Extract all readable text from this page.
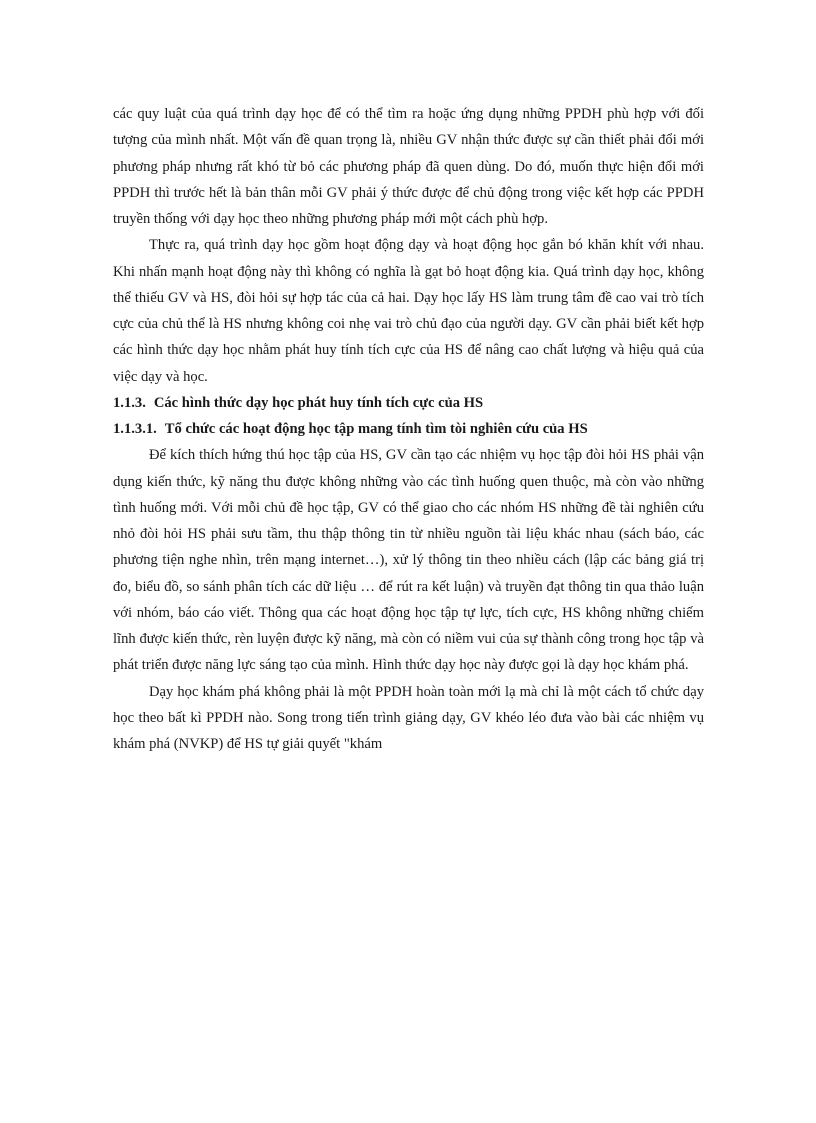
các quy luật của quá trình dạy học để có thể tìm ra hoặc ứng dụng những PPDH phù hợp với đối tượng của mình nhất. Một vấn đề quan trọng là, nhiều GV nhận thức được sự cần thiết phải đổi mới phương pháp nhưng rất khó từ bỏ các phương pháp đã quen dùng. Do đó, muốn thực hiện đổi mới PPDH thì trước hết là bản thân mỗi GV phải ý thức được để chủ động trong việc kết hợp các PPDH truyền thống với dạy học theo những phương pháp mới một cách phù hợp.

Thực ra, quá trình dạy học gồm hoạt động dạy và hoạt động học gắn bó khăn khít với nhau. Khi nhấn mạnh hoạt động này thì không có nghĩa là gạt bỏ hoạt động kia. Quá trình dạy học, không thể thiếu GV và HS, đòi hỏi sự hợp tác của cả hai. Dạy học lấy HS làm trung tâm đề cao vai trò tích cực của chủ thể là HS nhưng không coi nhẹ vai trò chủ đạo của người dạy. GV cần phải biết kết hợp các hình thức dạy học nhằm phát huy tính tích cực của HS để nâng cao chất lượng và hiệu quả của việc dạy và học.

1.1.3. Các hình thức dạy học phát huy tính tích cực của HS
1.1.3.1. Tổ chức các hoạt động học tập mang tính tìm tòi nghiên cứu của HS

Để kích thích hứng thú học tập của HS, GV cần tạo các nhiệm vụ học tập đòi hỏi HS phải vận dụng kiến thức, kỹ năng thu được không những vào các tình huống quen thuộc, mà còn vào những tình huống mới. Với mỗi chủ đề học tập, GV có thể giao cho các nhóm HS những đề tài nghiên cứu nhỏ đòi hỏi HS phải sưu tầm, thu thập thông tin từ nhiều nguồn tài liệu khác nhau (sách báo, các phương tiện nghe nhìn, trên mạng internet…), xử lý thông tin theo nhiều cách (lập các bảng giá trị đo, biểu đồ, so sánh phân tích các dữ liệu … để rút ra kết luận) và truyền đạt thông tin qua thảo luận với nhóm, báo cáo viết. Thông qua các hoạt động học tập tự lực, tích cực, HS không những chiếm lĩnh được kiến thức, rèn luyện được kỹ năng, mà còn có niềm vui của sự thành công trong học tập và phát triển được năng lực sáng tạo của mình. Hình thức dạy học này được gọi là dạy học khám phá.

Dạy học khám phá không phải là một PPDH hoàn toàn mới lạ mà chỉ là một cách tổ chức dạy học theo bất kì PPDH nào. Song trong tiến trình giảng dạy, GV khéo léo đưa vào bài các nhiệm vụ khám phá (NVKP) để HS tự giải quyết "khám
